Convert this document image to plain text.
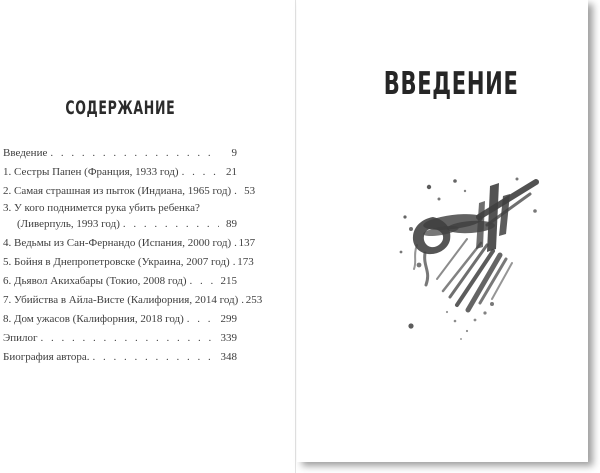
СОДЕРЖАНИЕ
Введение . . .	9
1. Сестры Папен (Франция, 1933 год) . . .	21
2. Самая страшная из пыток (Индиана, 1965 год) . . .	53
3. У кого поднимется рука убить ребенка?
(Ливерпуль, 1993 год) . . .	89
4. Ведьмы из Сан-Фернандо (Испания, 2000 год) . . . 137
5. Бойня в Днепропетровске (Украина, 2007 год) . . . 173
6. Дьявол Акихабары (Токио, 2008 год) . . .	215
7. Убийства в Айла-Висте (Калифорния, 2014 год) . . . 253
8. Дом ужасов (Калифорния, 2018 год) . . .	299
Эпилог . . .	339
Биография автора. . . .	348
ВВЕДЕНИЕ
